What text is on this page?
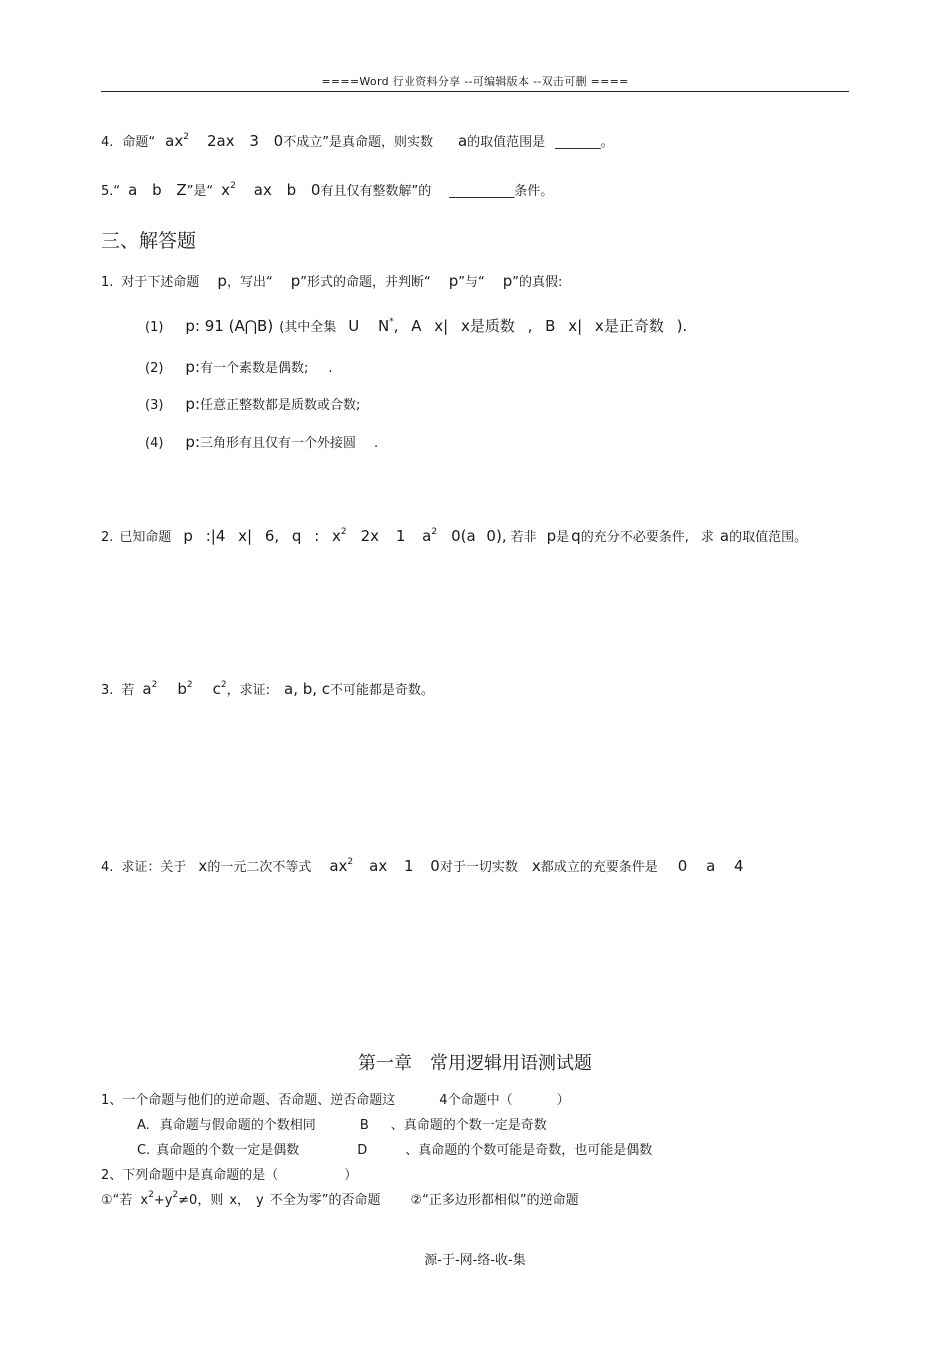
====Word 行业资料分享 --可编辑版本 --双击可删 ====
4. 命题“ ax 2 2ax 3 0 不成立”是真命题，则实数 a 的取值范围是 _______ 。
5. “ a b Z ”是“ x 2 ax b 0 有且仅有整数解”的 __________ 条件。
三、解答题
1. 对于下述命题 p ，写出“ p ”形式的命题，并判断“ p ”与“ p ”的真假:
(1) p: 91 (A⋂B) (其中全集 U N * , A x| x是质数 , B x| x是正奇数 ).
(2) p: 有一个素数是偶数; .
(3) p: 任意正整数都是质数或合数;
(4) p: 三角形有且仅有一个外接圆 .
2. 已知命题 p :|4 x| 6, q : x 2 2x 1 a 2 0(a 0), 若非 p 是 q 的充分不必要条件, 求 a 的取值范围。
3. 若 a 2 b 2 c 2 ，求证: a, b, c 不可能都是奇数。
4. 求证：关于 x 的一元二次不等式 ax 2 ax 1 0 对于一切实数 x 都成立的充要条件是 0 a 4
第一章　常用逻辑用语测试题
1、一个命题与他们的逆命题、否命题、逆否命题这	4 个命题中（	）
A. 真命题与假命题的个数相同	B 、真命题的个数一定是奇数
C. 真命题的个数一定是偶数	D	、真命题的个数可能是奇数，也可能是偶数
2、下列命题中是真命题的是（	）
①“若 x 2 +y 2 ≠0，则 x， y 不全为零”的否命题 ②“正多边形都相似”的逆命题
源-于-网-络-收-集
